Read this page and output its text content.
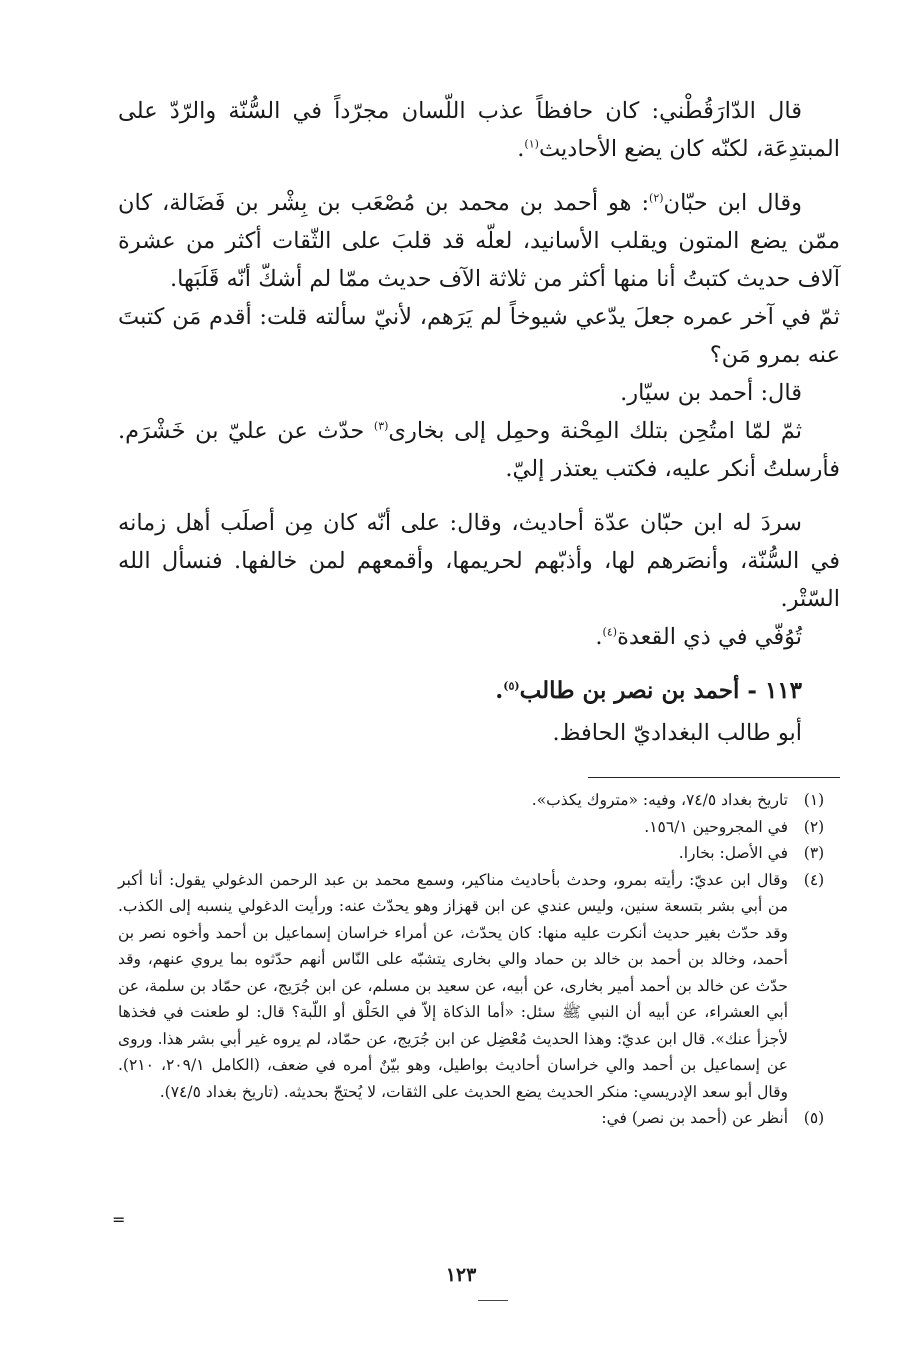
قال الدّارَقُطْني: كان حافظاً عذب اللّسان مجرّداً في السُّنّة والرّدّ على المبتدِعَة، لكنّه كان يضع الأحاديث$^{(١)}$.

وقال ابن حبّان$^{(٢)}$: هو أحمد بن محمد بن مُصْعَب بن بِشْر بن فَضَالة، كان ممّن يضع المتون ويقلب الأسانيد، لعلّه قد قلبَ على الثّقات أكثر من عشرة آلاف حديث كتبتُ أنا منها أكثر من ثلاثة الآف حديث ممّا لم أشكّ أنّه قَلَبَها.

ثمّ في آخر عمره جعلَ يدّعي شيوخاً لم يَرَهم، لأنيّ سألته قلت: أقدم مَن كتبتَ عنه بمرو مَن؟

قال: أحمد بن سيّار.

ثمّ لمّا امتُحِن بتلك المِحْنة وحمِل إلى بخارى$^{(٣)}$ حدّث عن عليّ بن خَشْرَم. فأرسلتُ أنكر عليه، فكتب يعتذر إليّ.

سردَ له ابن حبّان عدّة أحاديث، وقال: على أنّه كان مِن أصلَب أهل زمانه في السُّنّة، وأنصَرهم لها، وأذبّهم لحريمها، وأقمعهم لمن خالفها. فنسأل الله السّتْر.

تُوُفّي في ذي القعدة$^{(٤)}$.

١١٣ - أحمد بن نصر بن طالب$^{(٥)}$.

أبو طالب البغداديّ الحافظ.

(١)
تاريخ بغداد ٧٤/٥، وفيه: «متروك يكذب».
(٢)
في المجروحين ١٥٦/١.
(٣)
في الأصل: بخارا.
(٤)
وقال ابن عديّ: رأيته بمرو، وحدث بأحاديث مناكير، وسمع محمد بن عبد الرحمن الدغولي يقول: أنا أكبر من أبي بشر بتسعة سنين، وليس عندي عن ابن قهزاز وهو يحدّث عنه: ورأيت الدغولي ينسبه إلى الكذب. وقد حدّث بغير حديث أنكرت عليه منها: كان يحدّث، عن أمراء خراسان إسماعيل بن أحمد وأخوه نصر بن أحمد، وخالد بن أحمد بن خالد بن حماد والي بخارى يتشبّه على النّاس أنهم حدّثوه بما يروي عنهم، وقد حدّث عن خالد بن أحمد أمير بخارى، عن أبيه، عن سعيد بن مسلم، عن ابن جُرَيج، عن حمّاد بن سلمة، عن أبي العشراء، عن أبيه أن النبي ﷺ سئل: «أما الذكاة إلاّ في الحَلْق أو اللّبة؟ قال: لو طعنت في فخذها لأجزأ عنك». قال ابن عديّ: وهذا الحديث مُعْضِل عن ابن جُرَيج، عن حمّاد، لم يروه غير أبي بشر هذا. وروى عن إسماعيل بن أحمد والي خراسان أحاديث بواطيل، وهو بيّنٌ أمره في ضعف، (الكامل ٢٠٩/١، ٢١٠). وقال أبو سعد الإدريسي: منكر الحديث يضع الحديث على الثقات، لا يُحتجّ بحديثه. (تاريخ بغداد ٧٤/٥).
(٥)
أنظر عن (أحمد بن نصر) في:
=
١٢٣
